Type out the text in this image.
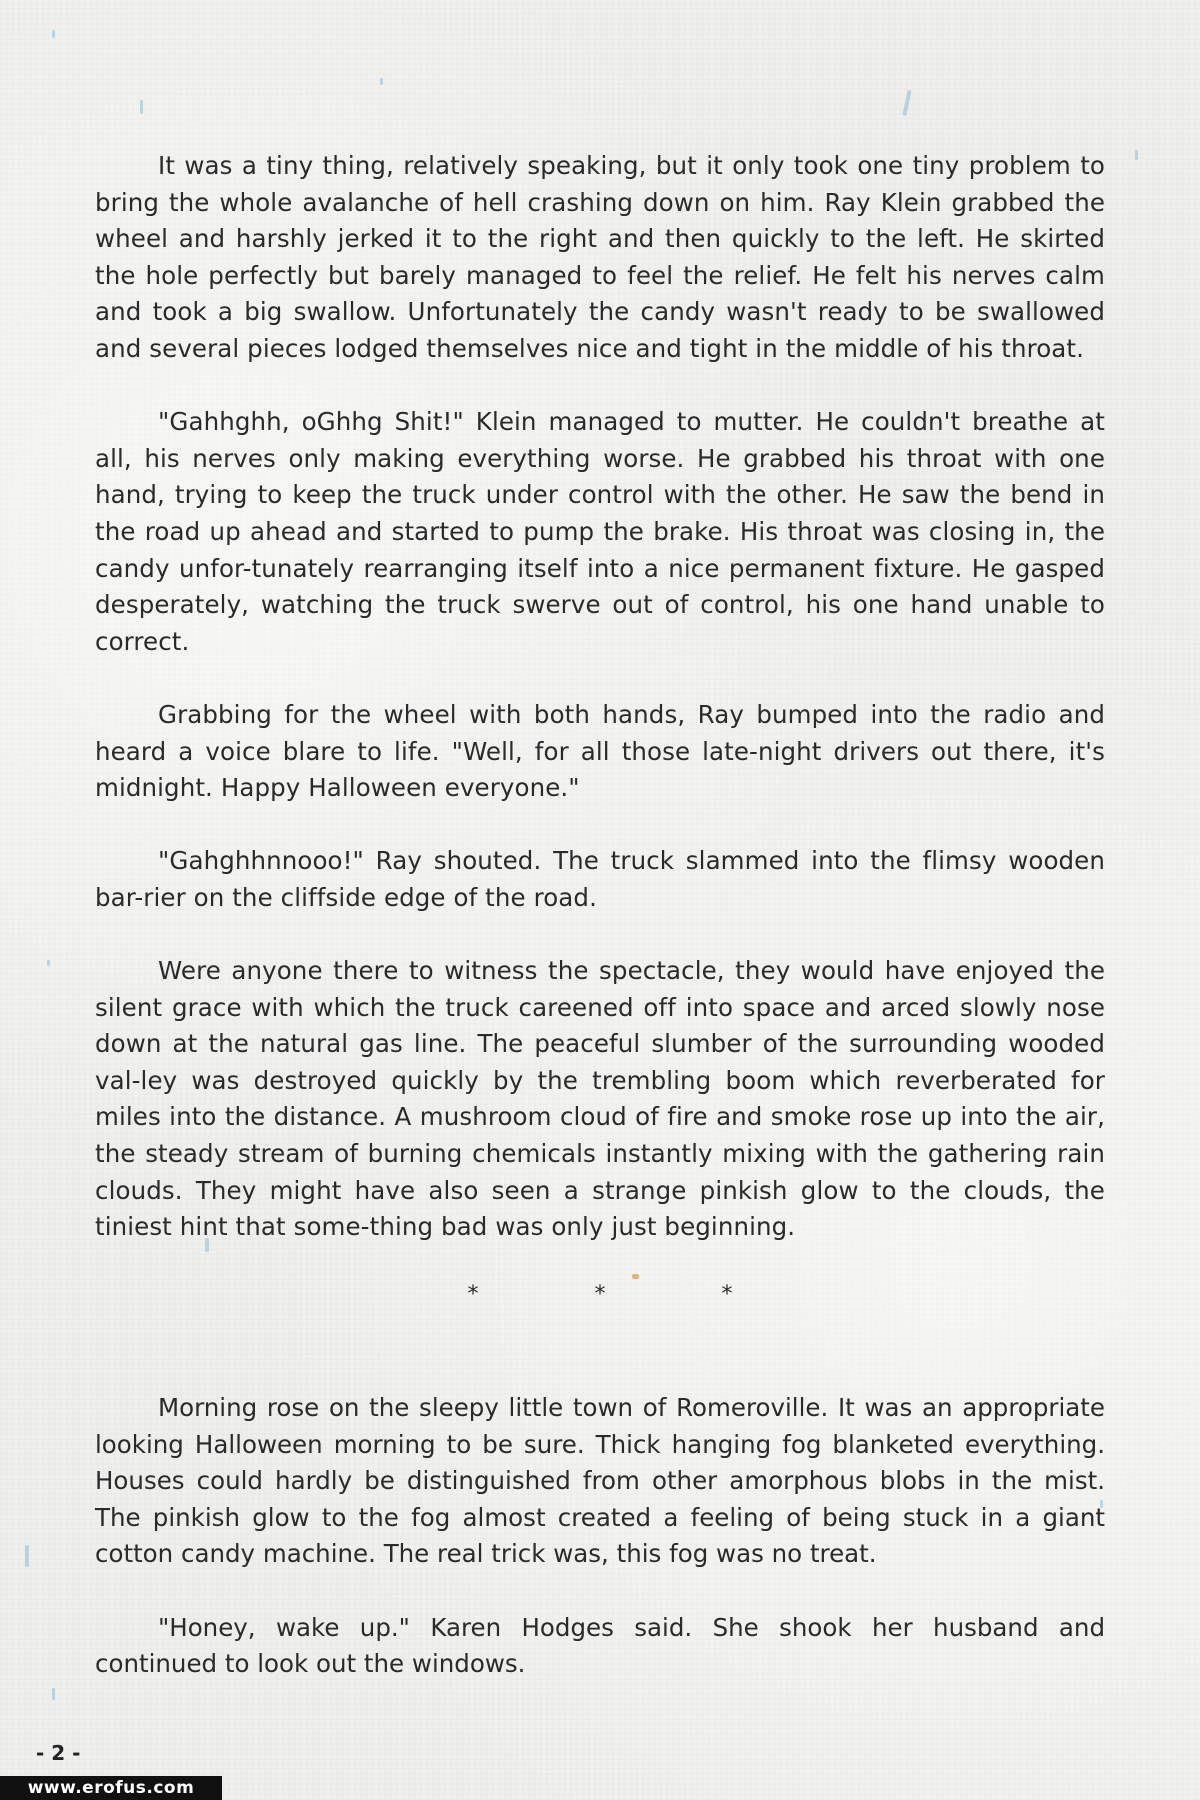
It was a tiny thing, relatively speaking, but it only took one tiny problem to bring the whole avalanche of hell crashing down on him. Ray Klein grabbed the wheel and harshly jerked it to the right and then quickly to the left. He skirted the hole perfectly but barely managed to feel the relief. He felt his nerves calm and took a big swallow. Unfortunately the candy wasn't ready to be swallowed and several pieces lodged themselves nice and tight in the middle of his throat.

"Gahhghh, oGhhg Shit!" Klein managed to mutter. He couldn't breathe at all, his nerves only making everything worse. He grabbed his throat with one hand, trying to keep the truck under control with the other. He saw the bend in the road up ahead and started to pump the brake. His throat was closing in, the candy unfor-tunately rearranging itself into a nice permanent fixture. He gasped desperately, watching the truck swerve out of control, his one hand unable to correct.

Grabbing for the wheel with both hands, Ray bumped into the radio and heard a voice blare to life. "Well, for all those late-night drivers out there, it's midnight. Happy Halloween everyone."

"Gahghhnnooo!" Ray shouted. The truck slammed into the flimsy wooden bar-rier on the cliffside edge of the road.

Were anyone there to witness the spectacle, they would have enjoyed the silent grace with which the truck careened off into space and arced slowly nose down at the natural gas line. The peaceful slumber of the surrounding wooded val-ley was destroyed quickly by the trembling boom which reverberated for miles into the distance. A mushroom cloud of fire and smoke rose up into the air, the steady stream of burning chemicals instantly mixing with the gathering rain clouds. They might have also seen a strange pinkish glow to the clouds, the tiniest hint that some-thing bad was only just beginning.

*	*	*

Morning rose on the sleepy little town of Romeroville. It was an appropriate looking Halloween morning to be sure. Thick hanging fog blanketed everything. Houses could hardly be distinguished from other amorphous blobs in the mist. The pinkish glow to the fog almost created a feeling of being stuck in a giant cotton candy machine. The real trick was, this fog was no treat.

"Honey, wake up." Karen Hodges said. She shook her husband and continued to look out the windows.

- 2 -
www.erofus.com
